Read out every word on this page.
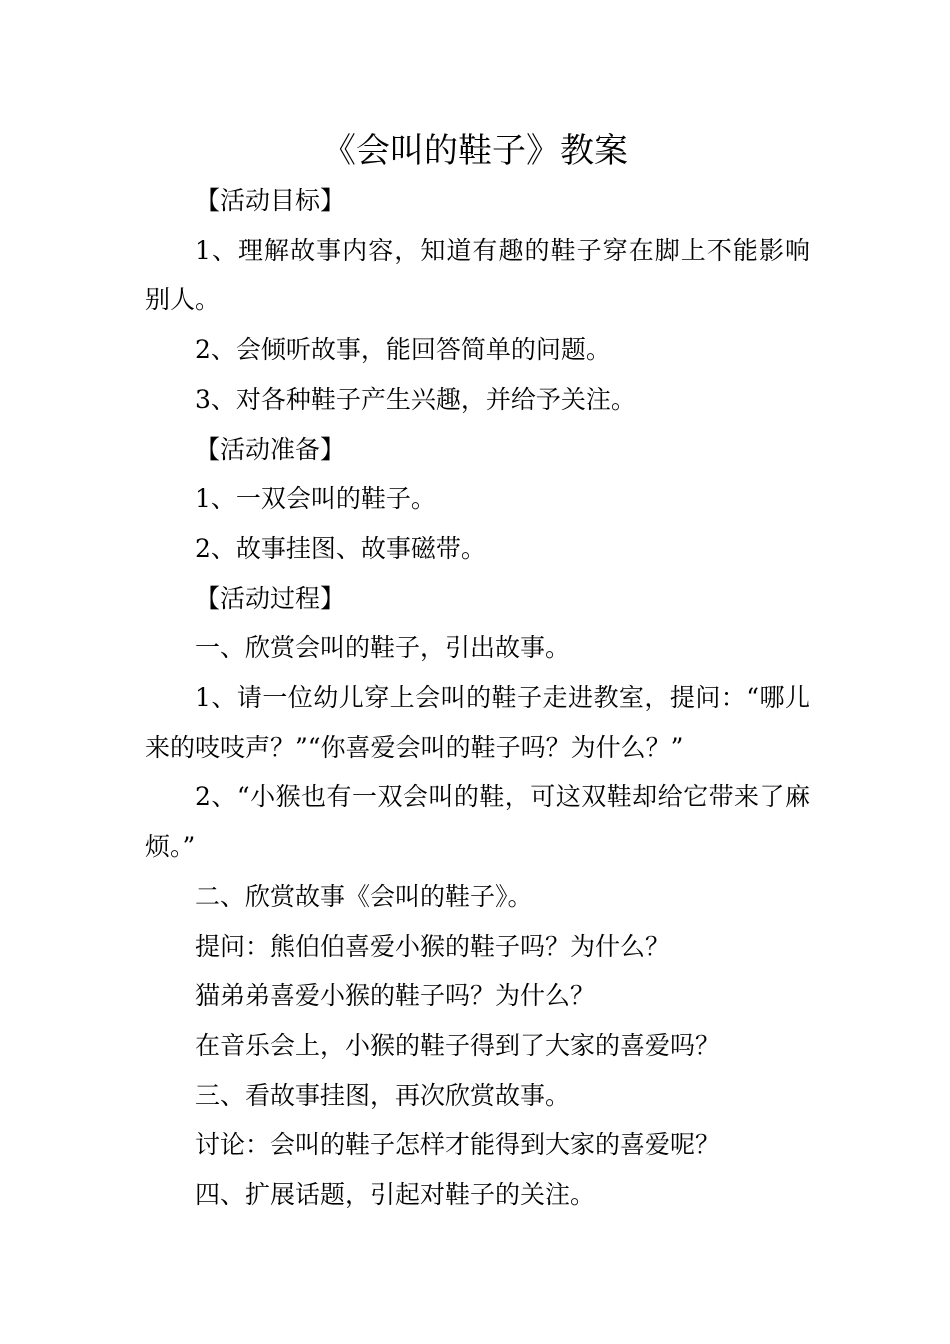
《会叫的鞋子》教案

【活动目标】

1、理解故事内容，知道有趣的鞋子穿在脚上不能影响别人。

2、会倾听故事，能回答简单的问题。

3、对各种鞋子产生兴趣，并给予关注。

【活动准备】

1、一双会叫的鞋子。

2、故事挂图、故事磁带。

【活动过程】

一、欣赏会叫的鞋子，引出故事。

1、请一位幼儿穿上会叫的鞋子走进教室，提问：“哪儿来的吱吱声？”“你喜爱会叫的鞋子吗？为什么？”

2、“小猴也有一双会叫的鞋，可这双鞋却给它带来了麻烦。”

二、欣赏故事《会叫的鞋子》。

提问：熊伯伯喜爱小猴的鞋子吗？为什么？

猫弟弟喜爱小猴的鞋子吗？为什么？

在音乐会上，小猴的鞋子得到了大家的喜爱吗？

三、看故事挂图，再次欣赏故事。

讨论：会叫的鞋子怎样才能得到大家的喜爱呢？

四、扩展话题，引起对鞋子的关注。
